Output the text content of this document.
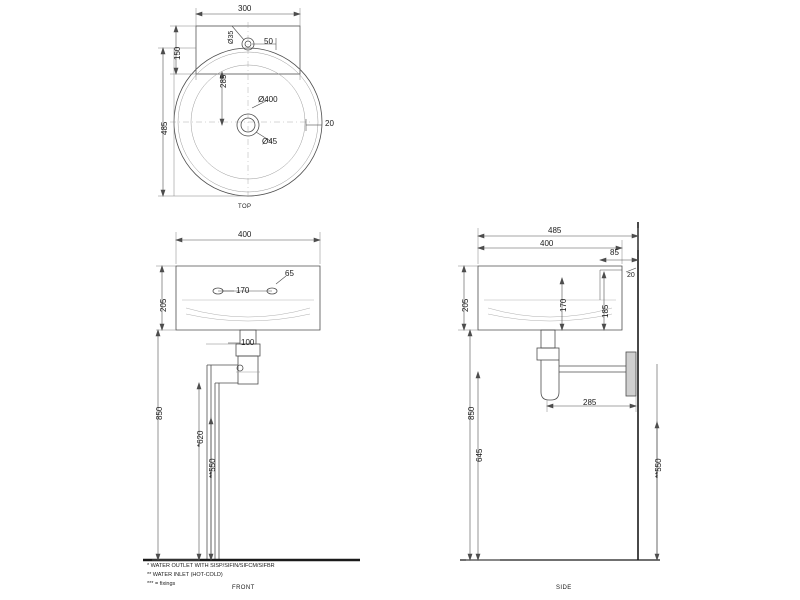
300
150
485
285
Ø35	50
Ø400
Ø45
20
TOP
400
205
170
65
100
850
*620
**550
FRONT
485
400
85
205	170	185
20
285
850
645
**550
SIDE
* WATER OUTLET WITH SISP/SIFIN/SIFCM/SIFBR
** WATER INLET (HOT-COLD)
*** = fixings
